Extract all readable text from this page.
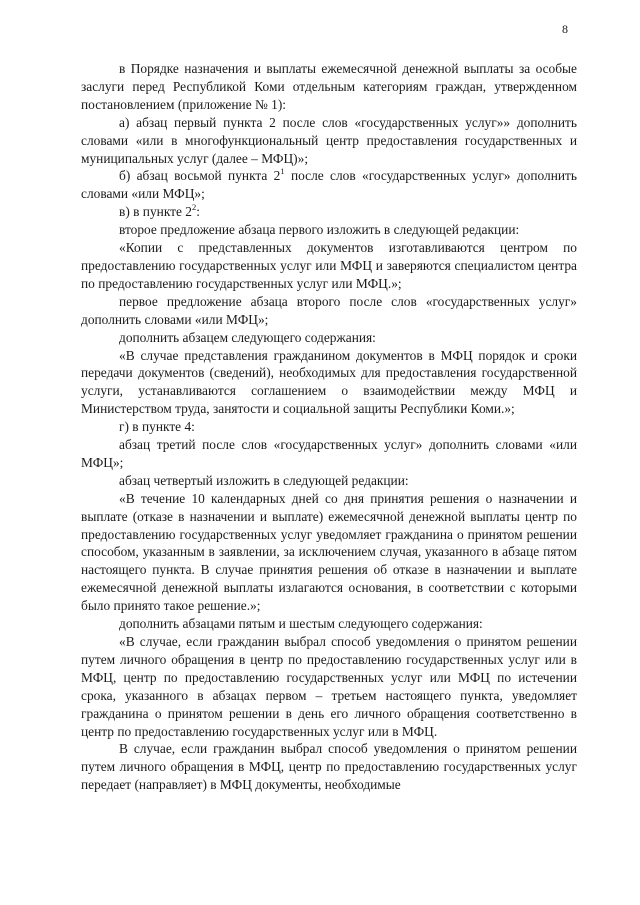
8

в Порядке назначения и выплаты ежемесячной денежной выплаты за особые заслуги перед Республикой Коми отдельным категориям граждан, утвержденном постановлением (приложение № 1):

а) абзац первый пункта 2 после слов «государственных услуг»» дополнить словами «или в многофункциональный центр предоставления государственных и муниципальных услуг (далее – МФЦ)»;

б) абзац восьмой пункта $2^1$ после слов «государственных услуг» дополнить словами «или МФЦ»;

в) в пункте $2^2$:

второе предложение абзаца первого изложить в следующей редакции:

«Копии с представленных документов изготавливаются центром по предоставлению государственных услуг или МФЦ и заверяются специалистом центра по предоставлению государственных услуг или МФЦ.»;

первое предложение абзаца второго после слов «государственных услуг» дополнить словами «или МФЦ»;

дополнить абзацем следующего содержания:

«В случае представления гражданином документов в МФЦ порядок и сроки передачи документов (сведений), необходимых для предоставления государственной услуги, устанавливаются соглашением о взаимодействии между МФЦ и Министерством труда, занятости и социальной защиты Республики Коми.»;

г) в пункте 4:

абзац третий после слов «государственных услуг» дополнить словами «или МФЦ»;

абзац четвертый изложить в следующей редакции:

«В течение 10 календарных дней со дня принятия решения о назначении и выплате (отказе в назначении и выплате) ежемесячной денежной выплаты центр по предоставлению государственных услуг уведомляет гражданина о принятом решении способом, указанным в заявлении, за исключением случая, указанного в абзаце пятом настоящего пункта. В случае принятия решения об отказе в назначении и выплате ежемесячной денежной выплаты излагаются основания, в соответствии с которыми было принято такое решение.»;

дополнить абзацами пятым и шестым следующего содержания:

«В случае, если гражданин выбрал способ уведомления о принятом решении путем личного обращения в центр по предоставлению государственных услуг или в МФЦ, центр по предоставлению государственных услуг или МФЦ по истечении срока, указанного в абзацах первом – третьем настоящего пункта, уведомляет гражданина о принятом решении в день его личного обращения соответственно в центр по предоставлению государственных услуг или в МФЦ.

В случае, если гражданин выбрал способ уведомления о принятом решении путем личного обращения в МФЦ, центр по предоставлению государственных услуг передает (направляет) в МФЦ документы, необходимые
